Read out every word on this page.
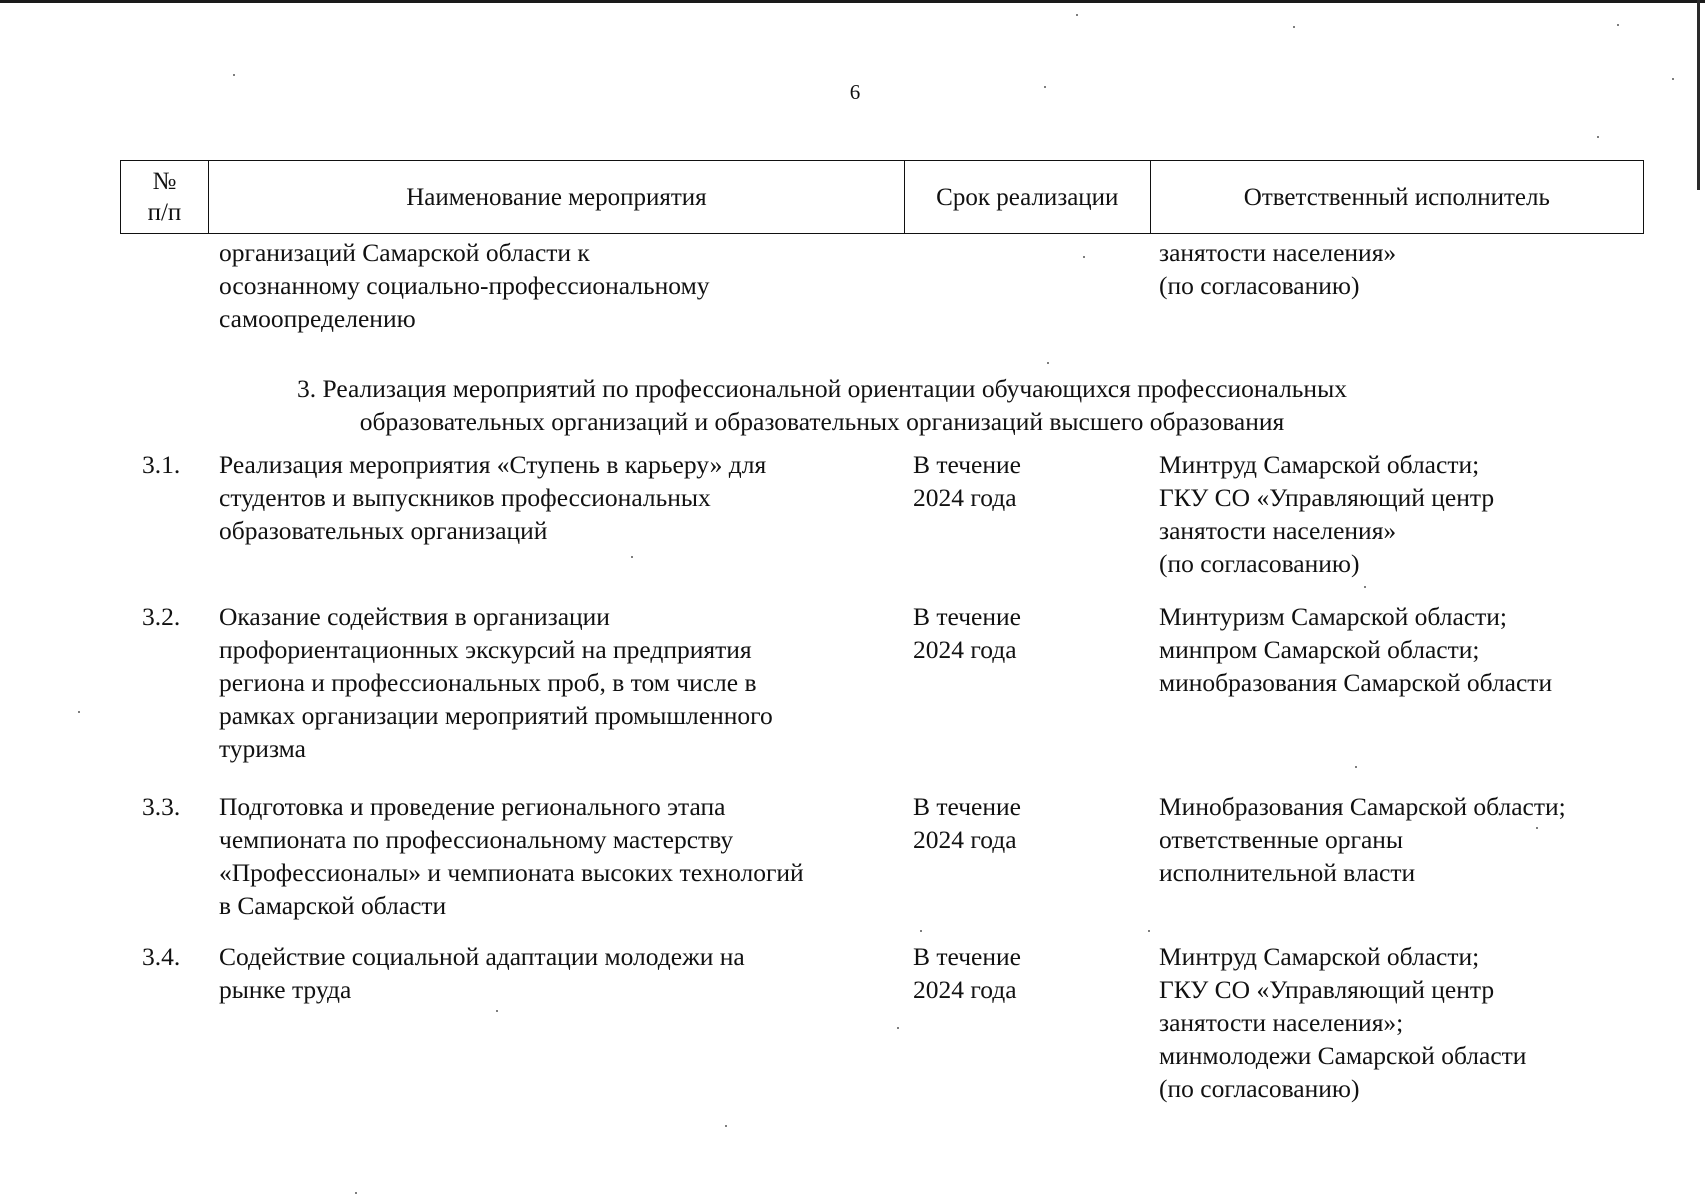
6
№
п/п
Наименование мероприятия	Срок реализации	Ответственный исполнитель
организаций Самарской области к
осознанному социально-профессиональному
самоопределению
занятости населения»
(по согласованию)
3.1. Реализация мероприятия «Ступень в карьеру» для
студентов и выпускников профессиональных
образовательных организаций
В течение
2024 года
Минтруд Самарской области;
ГКУ СО «Управляющий центр
занятости населения»
(по согласованию)
3.2. Оказание содействия в организации
профориентационных экскурсий на предприятия
региона и профессиональных проб, в том числе в
рамках организации мероприятий промышленного
туризма
В течение
2024 года
Минтуризм Самарской области;
минпром Самарской области;
минобразования Самарской области
3.3. Подготовка и проведение регионального этапа
чемпионата по профессиональному мастерству
«Профессионалы» и чемпионата высоких технологий
в Самарской области
В течение
2024 года
Минобразования Самарской области;
ответственные органы
исполнительной власти
3.4. Содействие социальной адаптации молодежи на
рынке труда
В течение
2024 года
Минтруд Самарской области;
ГКУ СО «Управляющий центр
занятости населения»;
минмолодежи Самарской области
(по согласованию)
3. Реализация мероприятий по профессиональной ориентации обучающихся профессиональных
образовательных организаций и образовательных организаций высшего образования
